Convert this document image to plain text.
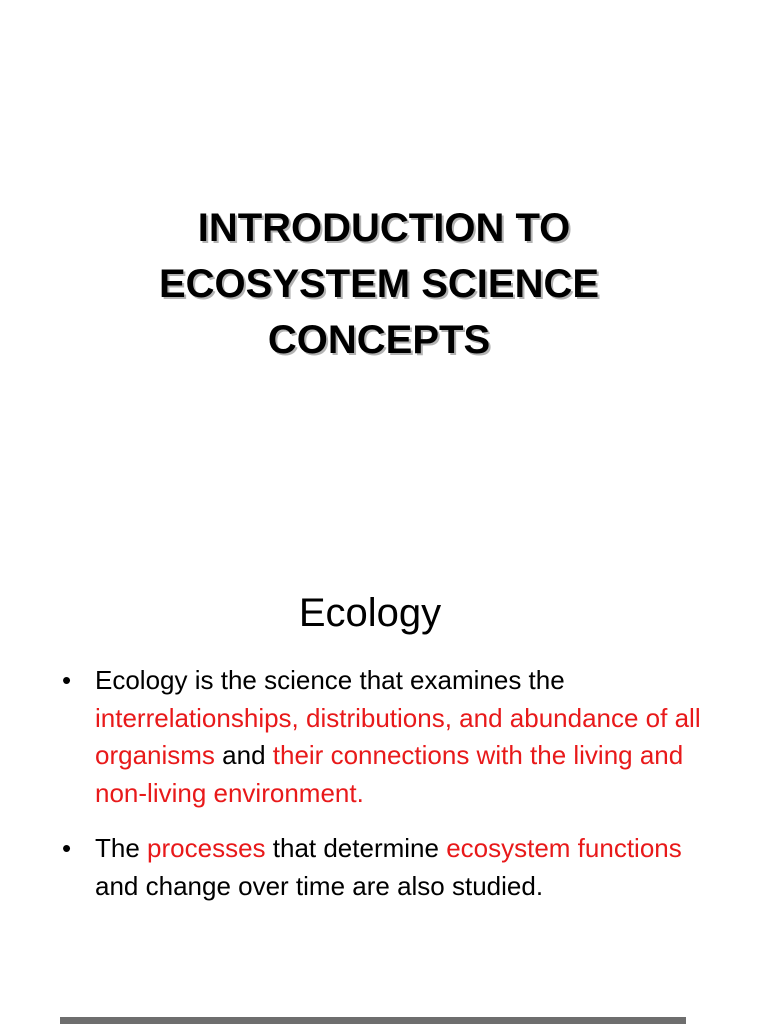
INTRODUCTION TO
ECOSYSTEM SCIENCE
CONCEPTS
Ecology
• Ecology is the science that examines the interrelationships, distributions, and abundance of all organisms and their connections with the living and non-living environment.
• The processes that determine ecosystem functions and change over time are also studied.
